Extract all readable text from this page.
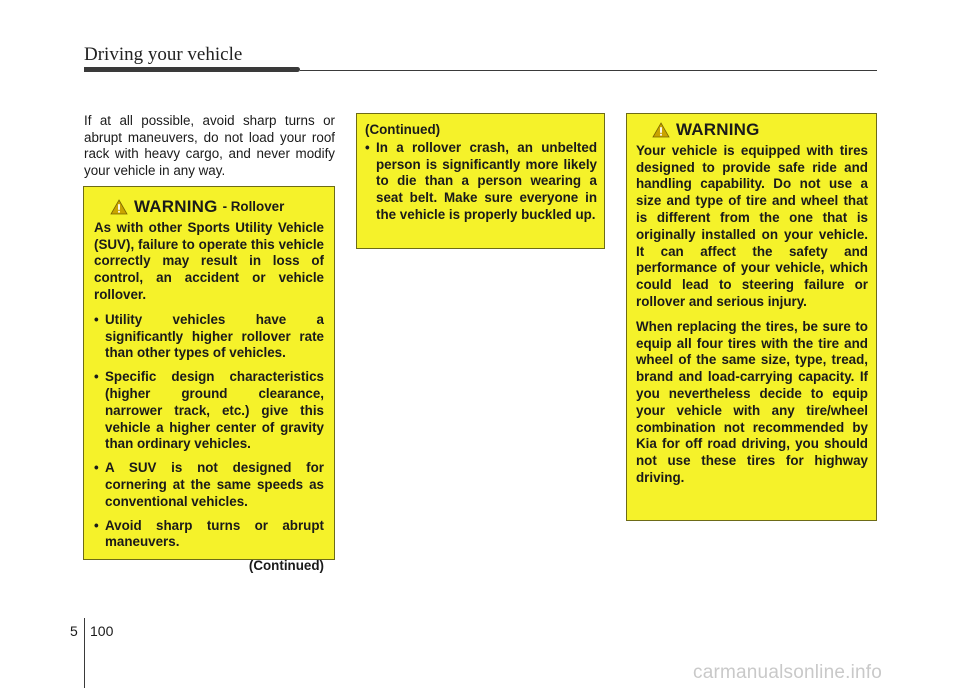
Driving your vehicle
If at all possible, avoid sharp turns or abrupt maneuvers, do not load your roof rack with heavy cargo, and never modify your vehicle in any way.
WARNING - Rollover

As with other Sports Utility Vehicle (SUV), failure to operate this vehicle correctly may result in loss of control, an accident or vehicle rollover.

• Utility vehicles have a significantly higher rollover rate than other types of vehicles.
• Specific design characteristics (higher ground clearance, narrower track, etc.) give this vehicle a higher center of gravity than ordinary vehicles.
• A SUV is not designed for cornering at the same speeds as conventional vehicles.
• Avoid sharp turns or abrupt maneuvers.
(Continued)
(Continued)
• In a rollover crash, an unbelted person is significantly more likely to die than a person wearing a seat belt. Make sure everyone in the vehicle is properly buckled up.
WARNING

Your vehicle is equipped with tires designed to provide safe ride and handling capability. Do not use a size and type of tire and wheel that is different from the one that is originally installed on your vehicle. It can affect the safety and performance of your vehicle, which could lead to steering failure or rollover and serious injury.

When replacing the tires, be sure to equip all four tires with the tire and wheel of the same size, type, tread, brand and load-carrying capacity. If you nevertheless decide to equip your vehicle with any tire/wheel combination not recommended by Kia for off road driving, you should not use these tires for highway driving.

5 100
carmanualsonline.info
